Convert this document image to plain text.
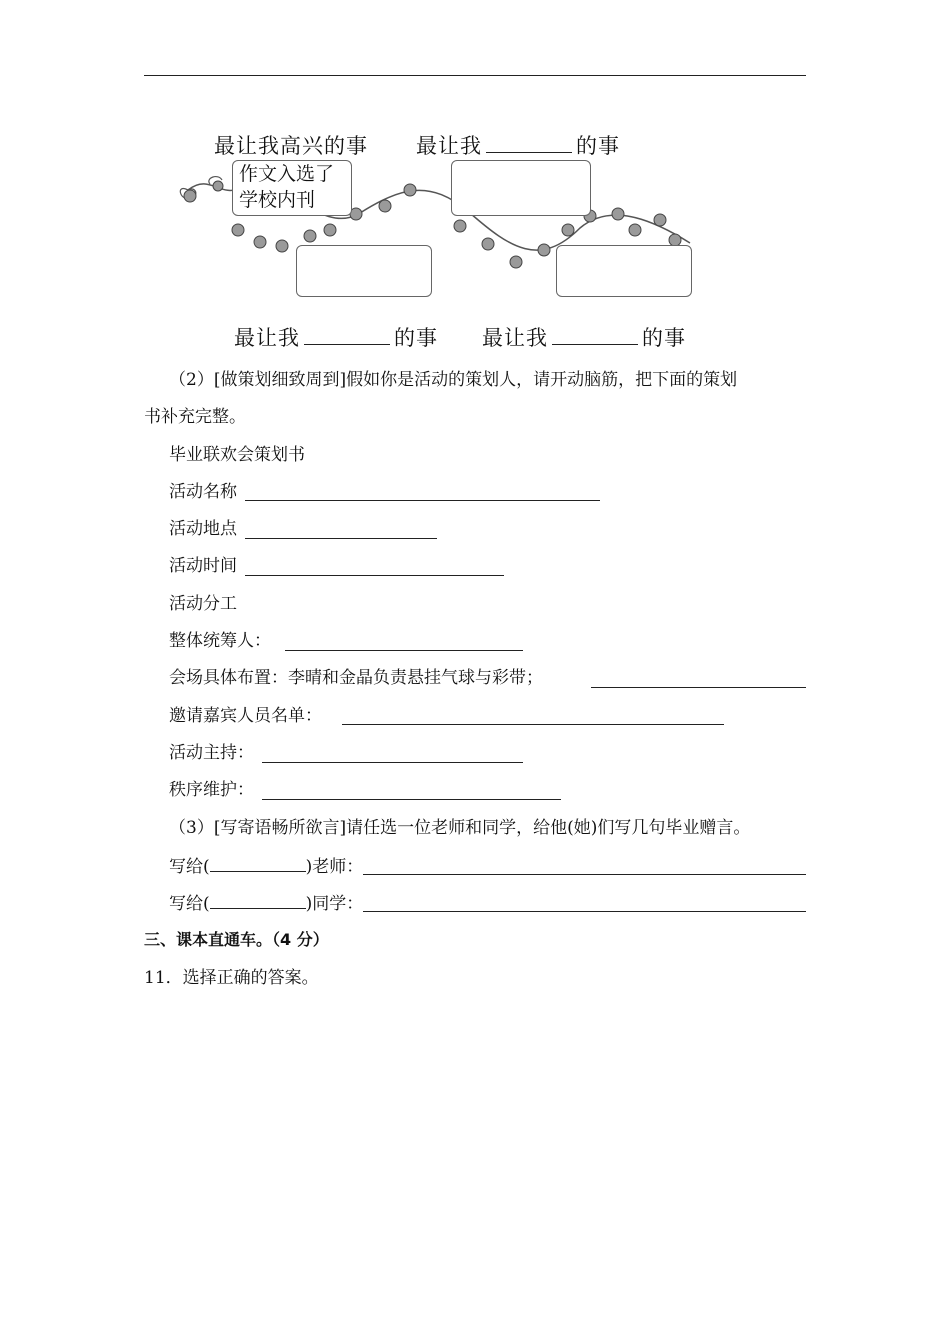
最让我高兴的事 最让我	的事
作文入选了
学校内刊
最让我	的事 最让我	的事
（2）[做策划细致周到]假如你是活动的策划人，请开动脑筋，把下面的策划
书补充完整。
毕业联欢会策划书
活动名称
活动地点
活动时间
活动分工
整体统筹人：
会场具体布置：李晴和金晶负责悬挂气球与彩带；
邀请嘉宾人员名单：
活动主持：
秩序维护：
（3）[写寄语畅所欲言]请任选一位老师和同学，给他(她)们写几句毕业赠言。
写给(	)老师：
写给(	)同学：
三、课本直通车。（4 分）
11．选择正确的答案。
